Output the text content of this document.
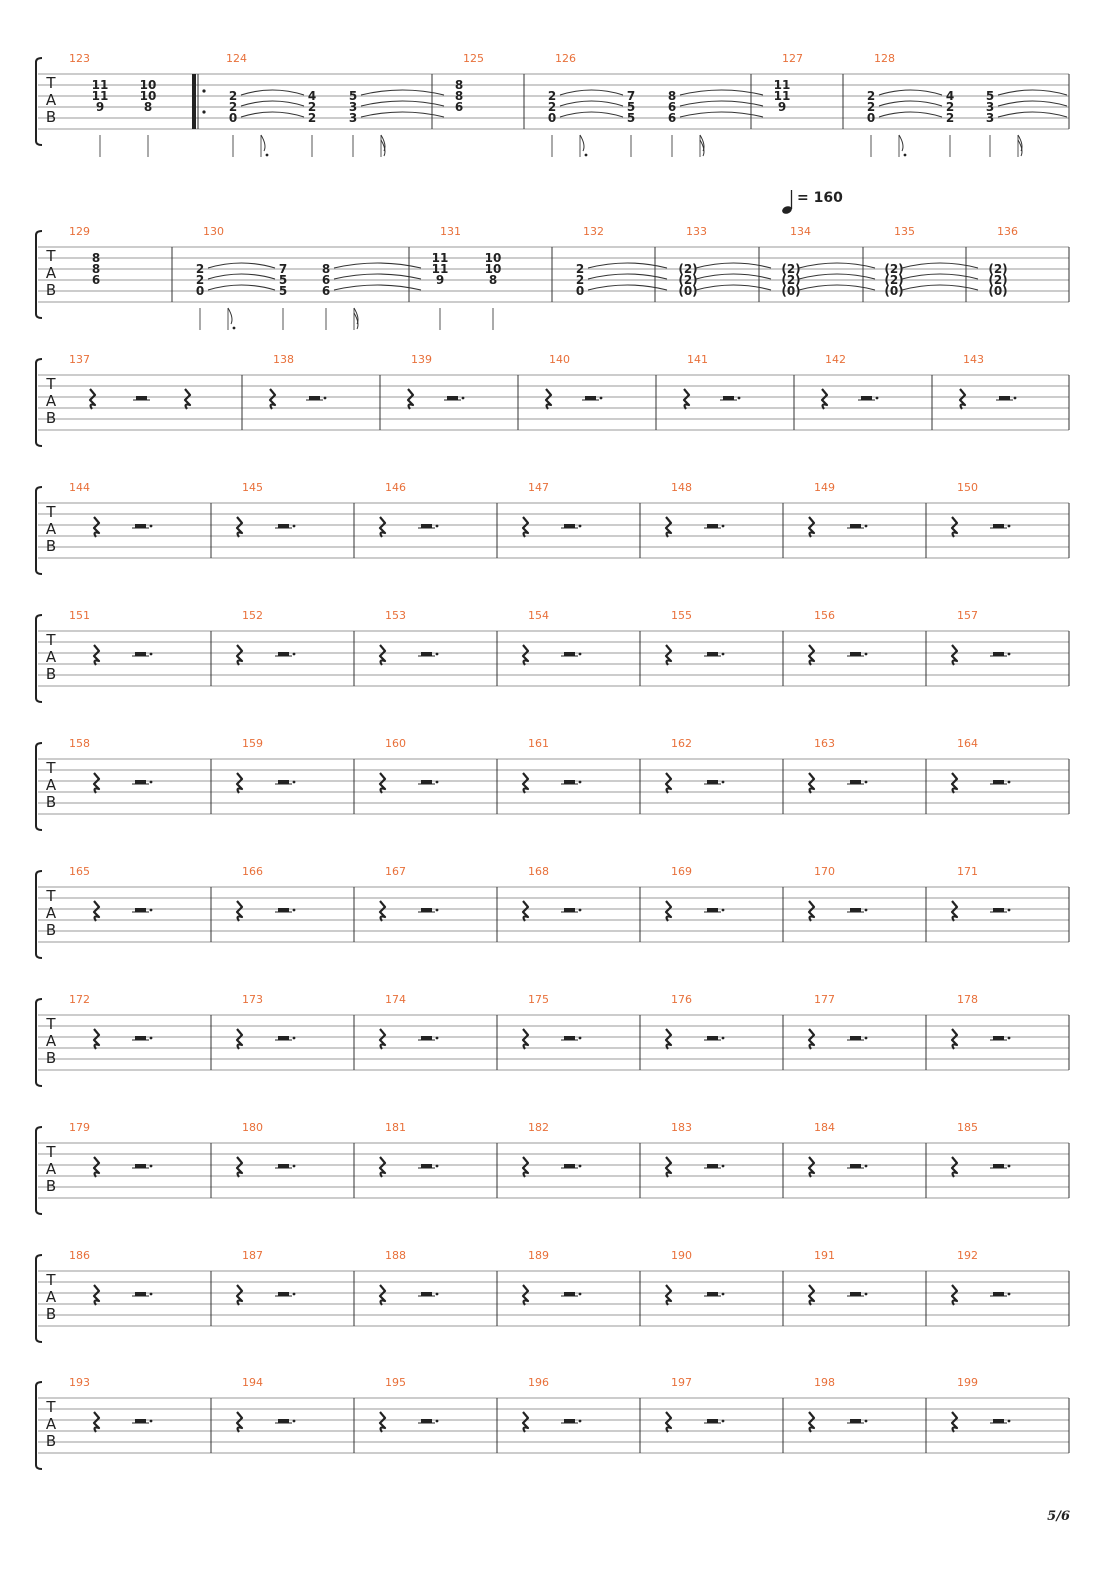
T
A
B
123
11
11
9
10
10
8
124
2
2
0
4
2
2
5
3
3
125
8
8
6
126
2
2
0
7
5
5
8
6
6
127
11
11
9
128
2
2
0
4
2
2
5
3
3
T
A
B
129
8
8
6
130
2
2
0
7
5
5
8
6
6
131
11
11
9
10
10
8
132
2
2
0
133
(2)
(2)
(0)
134
(2)
(2)
(0)
135
(2)
(2)
(0)
136
(2)
(2)
(0)
= 160
T
A
B
137	138	139	140	141	142	143
T
A
B
144	145	146	147	148	149	150
T
A
B
151	152	153	154	155	156	157
T
A
B
158	159	160	161	162	163	164
T
A
B
165	166	167	168	169	170	171
T
A
B
172	173	174	175	176	177	178
T
A
B
179	180	181	182	183	184	185
T
A
B
186	187	188	189	190	191	192
T
A
B
193	194	195	196	197	198	199
5/6
